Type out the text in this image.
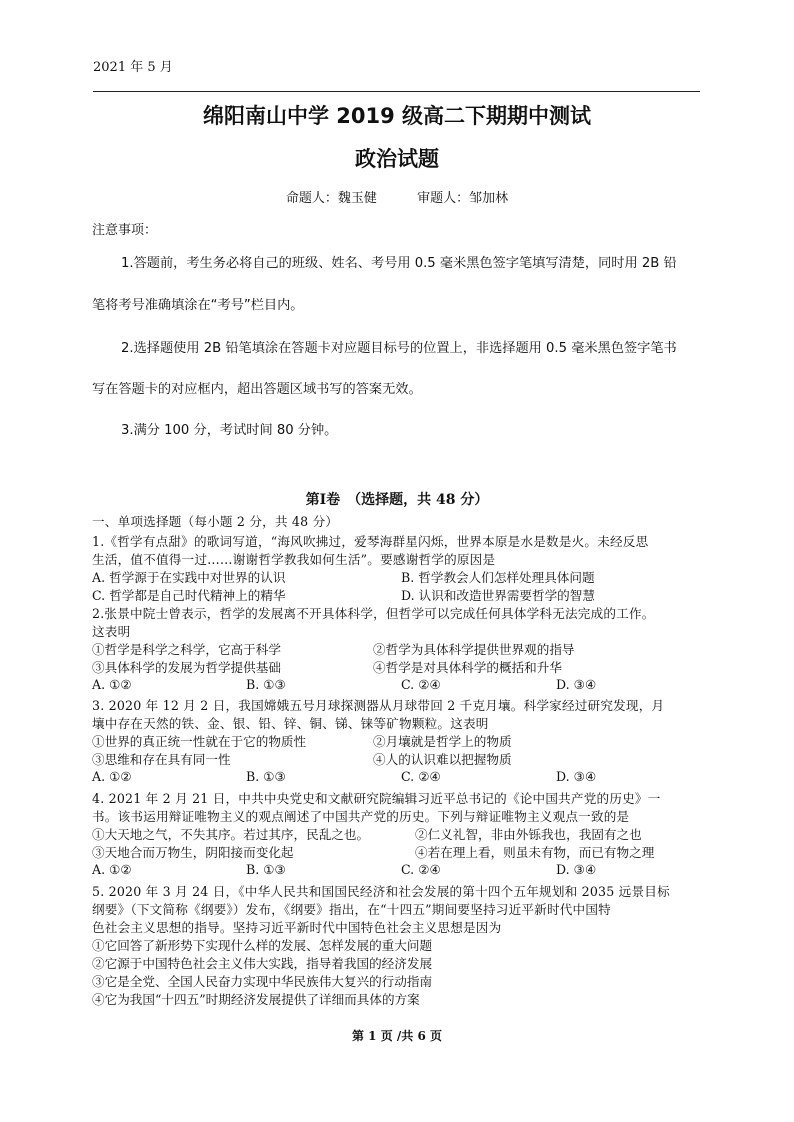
2021 年 5 月
绵阳南山中学 2019 级高二下期期中测试
政治试题
命题人：魏玉健	审题人：邹加林
注意事项：
1.答题前，考生务必将自己的班级、姓名、考号用 0.5 毫米黑色签字笔填写清楚，同时用 2B 铅
笔将考号准确填涂在“考号”栏目内。
2.选择题使用 2B 铅笔填涂在答题卡对应题目标号的位置上，非选择题用 0.5 毫米黑色签字笔书
写在答题卡的对应框内，超出答题区域书写的答案无效。
3.满分 100 分，考试时间 80 分钟。
第Ⅰ卷　（选择题，共 48 分）
一、单项选择题（每小题 2 分，共 48 分）
1.《哲学有点甜》的歌词写道，“海风吹拂过，爱琴海群星闪烁，世界本原是水是数是火。未经反思
生活，值不值得一过……谢谢哲学教我如何生活”。要感谢哲学的原因是
A. 哲学源于在实践中对世界的认识	B. 哲学教会人们怎样处理具体问题
C. 哲学都是自己时代精神上的精华	D. 认识和改造世界需要哲学的智慧
2.张景中院士曾表示，哲学的发展离不开具体科学，但哲学可以完成任何具体学科无法完成的工作。
这表明
①哲学是科学之科学，它高于科学	②哲学为具体科学提供世界观的指导
③具体科学的发展为哲学提供基础	④哲学是对具体科学的概括和升华
A. ①②	B. ①③	C. ②④	D. ③④
3. 2020 年 12 月 2 日，我国嫦娥五号月球探测器从月球带回 2 千克月壤。科学家经过研究发现，月
壤中存在天然的铁、金、银、铅、锌、铜、锑、铼等矿物颗粒。这表明
①世界的真正统一性就在于它的物质性	②月壤就是哲学上的物质
③思维和存在具有同一性	④人的认识难以把握物质
A. ①②	B. ①③	C. ②④	D. ③④
4. 2021 年 2 月 21 日，中共中央党史和文献研究院编辑习近平总书记的《论中国共产党的历史》一
书。该书运用辩证唯物主义的观点阐述了中国共产党的历史。下列与辩证唯物主义观点一致的是
①大天地之气，不失其序。若过其序，民乱之也。	②仁义礼智，非由外铄我也，我固有之也
③天地合而万物生，阴阳接而变化起	④若在理上看，则虽未有物，而已有物之理
A. ①②	B. ①③	C. ②④	D. ③④
5. 2020 年 3 月 24 日，《中华人民共和国国民经济和社会发展的第十四个五年规划和 2035 远景目标
纲要》（下文简称《纲要》）发布，《纲要》指出，在“十四五”期间要坚持习近平新时代中国特
色社会主义思想的指导。坚持习近平新时代中国特色社会主义思想是因为
①它回答了新形势下实现什么样的发展、怎样发展的重大问题
②它源于中国特色社会主义伟大实践，指导着我国的经济发展
③它是全党、全国人民奋力实现中华民族伟大复兴的行动指南
④它为我国“十四五”时期经济发展提供了详细而具体的方案
第 1 页 /共 6 页
